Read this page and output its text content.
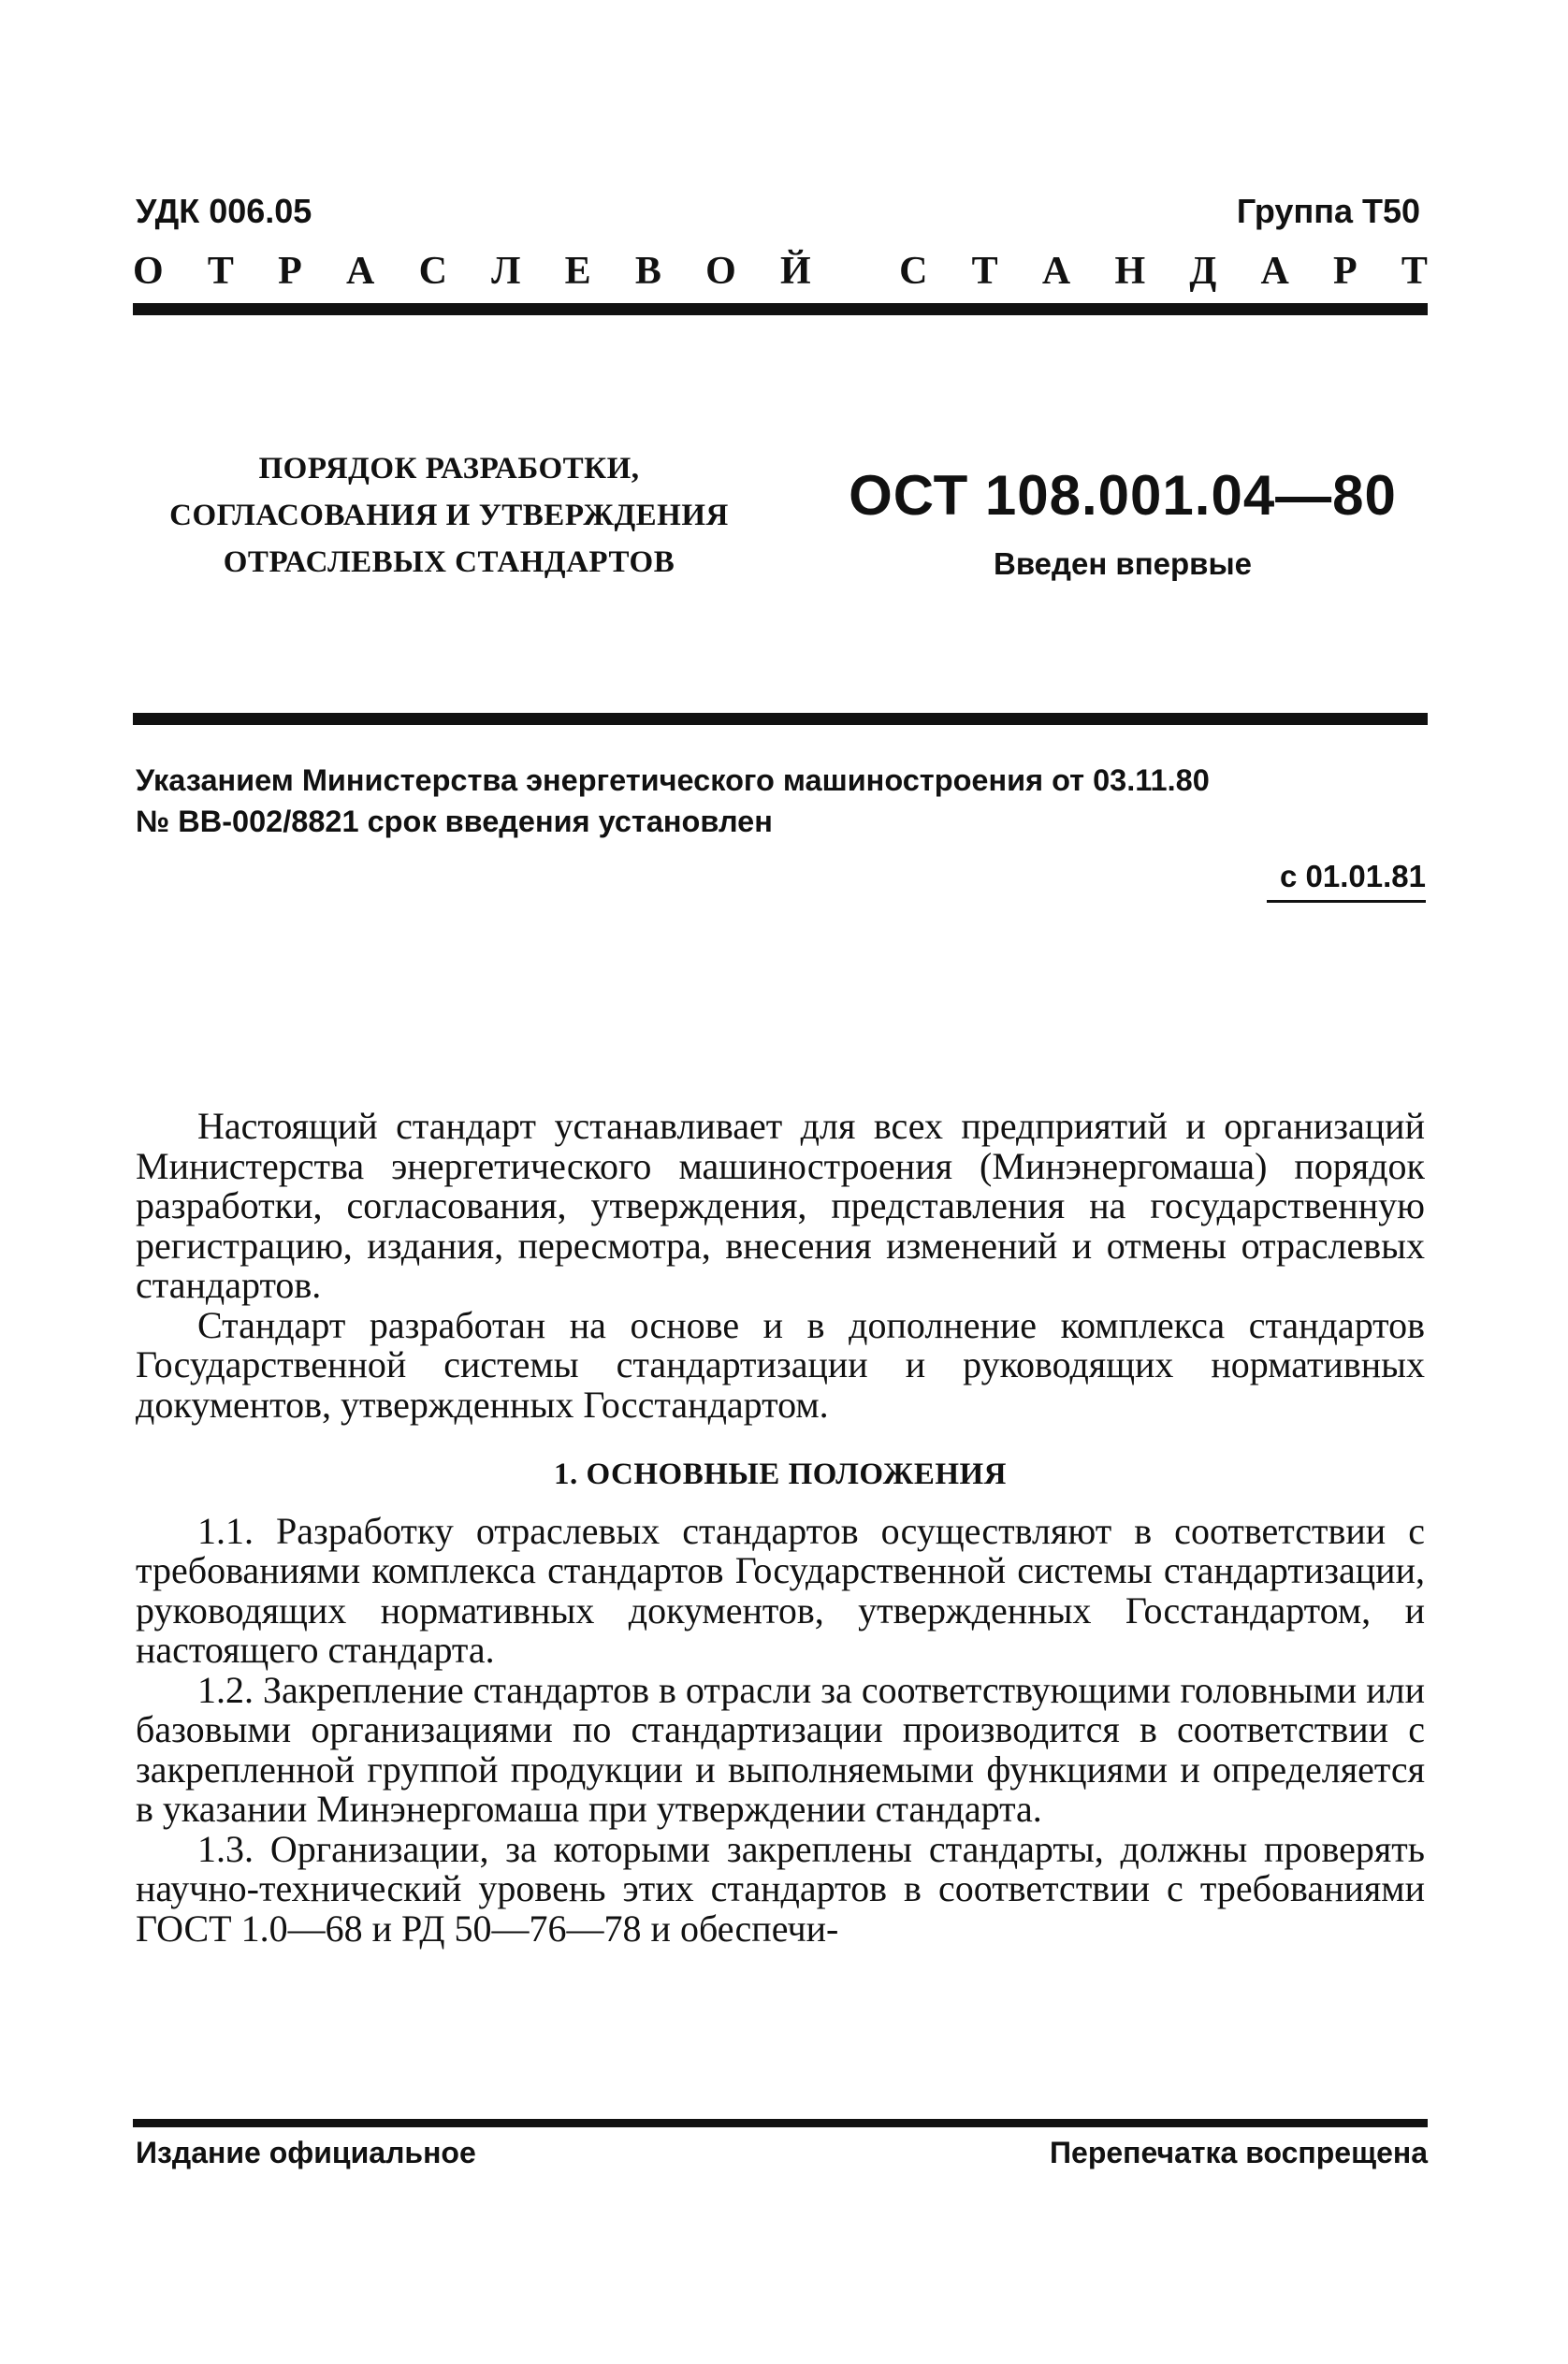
УДК 006.05	Группа Т50
О Т Р А С Л Е В О Й С Т А Н Д А Р Т
ПОРЯДОК РАЗРАБОТКИ,
СОГЛАСОВАНИЯ И УТВЕРЖДЕНИЯ
ОТРАСЛЕВЫХ СТАНДАРТОВ
ОСТ 108.001.04—80
Введен впервые
Указанием Министерства энергетического машиностроения от 03.11.80
№ ВВ-002/8821 срок введения установлен
с 01.01.81

Настоящий стандарт устанавливает для всех предприятий и организаций Министерства энергетического машиностроения (Минэнергомаша) порядок разработки, согласования, утверждения, представления на государственную регистрацию, издания, пересмотра, внесения изменений и отмены отраслевых стандартов.

Стандарт разработан на основе и в дополнение комплекса стандартов Государственной системы стандартизации и руководящих нормативных документов, утвержденных Госстандартом.

1. ОСНОВНЫЕ ПОЛОЖЕНИЯ

1.1. Разработку отраслевых стандартов осуществляют в соответствии с требованиями комплекса стандартов Государственной системы стандартизации, руководящих нормативных документов, утвержденных Госстандартом, и настоящего стандарта.

1.2. Закрепление стандартов в отрасли за соответствующими головными или базовыми организациями по стандартизации производится в соответствии с закрепленной группой продукции и выполняемыми функциями и определяется в указании Минэнергомаша при утверждении стандарта.

1.3. Организации, за которыми закреплены стандарты, должны проверять научно-технический уровень этих стандартов в соответствии с требованиями ГОСТ 1.0—68 и РД 50—76—78 и обеспечи-

Издание официальное	Перепечатка воспрещена
